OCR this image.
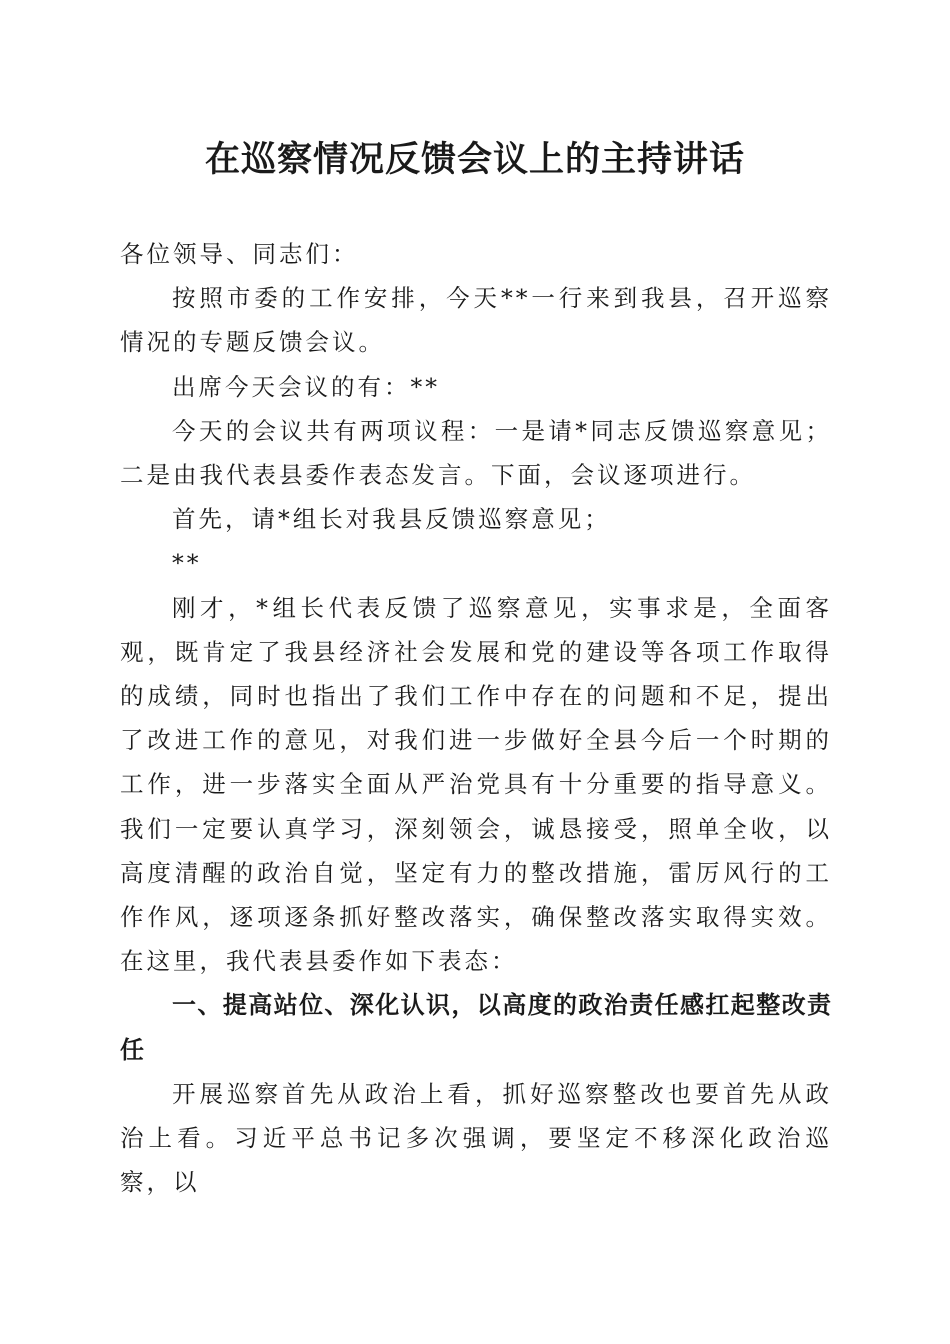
在巡察情况反馈会议上的主持讲话

各位领导、同志们：

按照市委的工作安排，今天**一行来到我县，召开巡察情况的专题反馈会议。

出席今天会议的有：**

今天的会议共有两项议程：一是请*同志反馈巡察意见；二是由我代表县委作表态发言。下面，会议逐项进行。

首先，请*组长对我县反馈巡察意见；

**

刚才，*组长代表反馈了巡察意见，实事求是，全面客观，既肯定了我县经济社会发展和党的建设等各项工作取得的成绩，同时也指出了我们工作中存在的问题和不足，提出了改进工作的意见，对我们进一步做好全县今后一个时期的工作，进一步落实全面从严治党具有十分重要的指导意义。我们一定要认真学习，深刻领会，诚恳接受，照单全收，以高度清醒的政治自觉，坚定有力的整改措施，雷厉风行的工作作风，逐项逐条抓好整改落实，确保整改落实取得实效。在这里，我代表县委作如下表态：

一、提高站位、深化认识，以高度的政治责任感扛起整改责任

开展巡察首先从政治上看，抓好巡察整改也要首先从政治上看。习近平总书记多次强调，要坚定不移深化政治巡察，以
